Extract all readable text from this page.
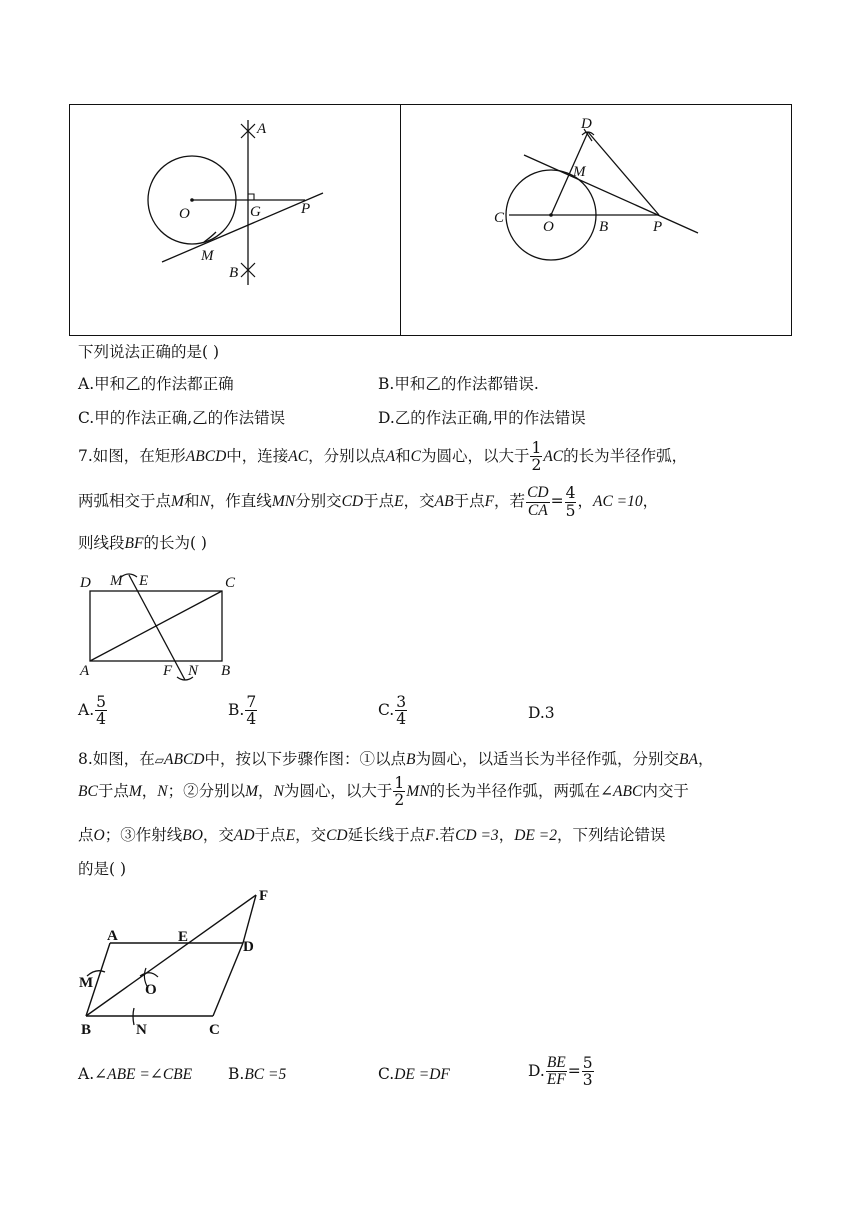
A
O	G	P
M
B

D
M
C
O	B	P
下列说法正确的是( )
A.甲和乙的作法都正确	B.甲和乙的作法都错误.
C.甲的作法正确,乙的作法错误	D.乙的作法正确,甲的作法错误
7.如图，在矩形ABCD中，连接AC，分别以点A和C为圆心，以大于 $\frac{1}{2}$ AC的长为半径作弧，
两弧相交于点M和N，作直线MN分别交CD于点E，交AB于点F，若 $\frac{CD}{CA} = \frac{4}{5}$ ，AC =10，
则线段BF的长为( )
D M E	C
A	F N B
A. $\frac{5}{4}$	B. $\frac{7}{4}$	C. $\frac{3}{4}$	D.3
8.如图，在▱ABCD中，按以下步骤作图：①以点B为圆心，以适当长为半径作弧，分别交BA，
BC于点M，N；②分别以M，N为圆心，以大于 $\frac{1}{2}$ MN的长为半径作弧，两弧在∠ABC内交于
点O；③作射线BO，交AD于点E，交CD延长线于点F.若CD =3，DE =2，下列结论错误
的是( )
F
A	E
D
M	O
B	N	C
A.∠ABE =∠CBE B.BC =5	C.DE =DF	D. $\frac{BE}{EF} = \frac{5}{3}$
